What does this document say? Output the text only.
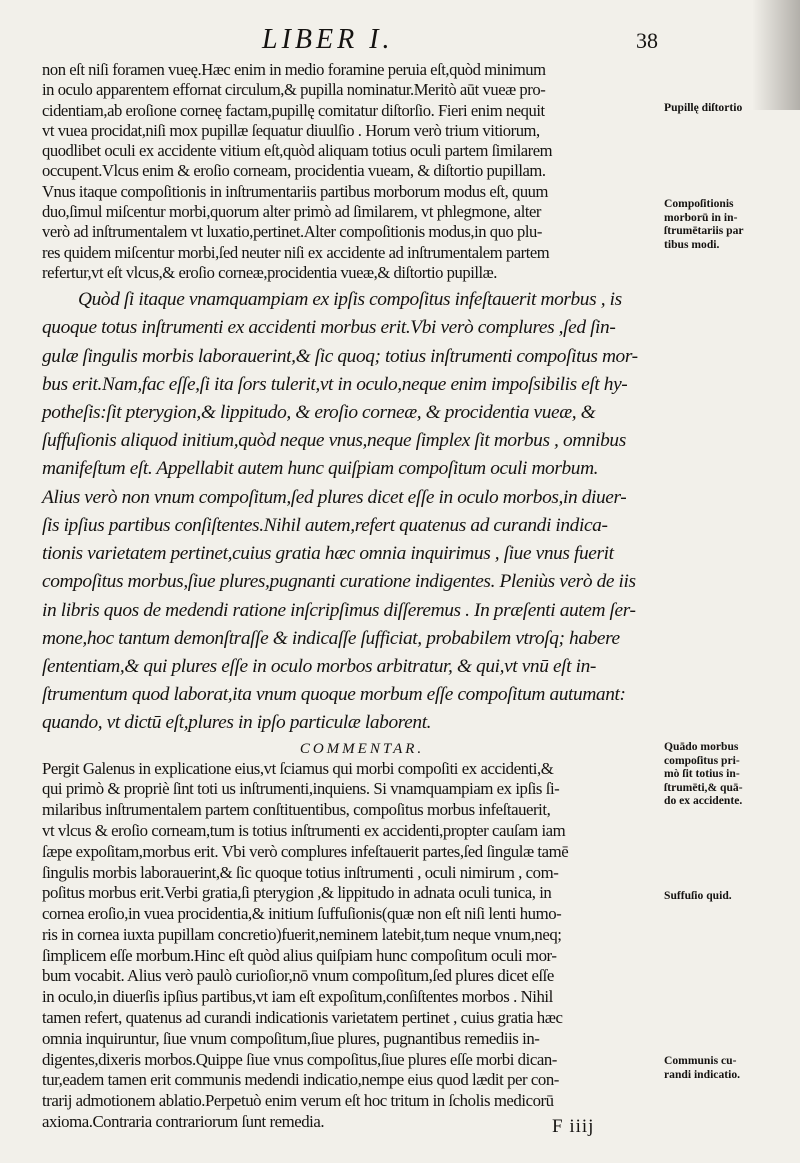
LIBER I.	38
non eſt niſi foramen vueę.Hæc enim in medio foramine peruia eſt,quòd minimum
in oculo apparentem effornat circulum,& pupilla nominatur.Meritò aūt vueæ pro-
cidentiam,ab eroſione corneę factam,pupillę comitatur diſtorſio. Fieri enim nequit
vt vuea procidat,niſi mox pupillæ ſequatur diuulſio . Horum verò trium vitiorum,
quodlibet oculi ex accidente vitium eſt,quòd aliquam totius oculi partem ſimilarem
occupent.Vlcus enim & eroſio corneam, procidentia vueam, & diſtortio pupillam.
Vnus itaque compoſitionis in inſtrumentariis partibus morborum modus eſt, quum
duo,ſimul miſcentur morbi,quorum alter primò ad ſimilarem, vt phlegmone, alter
verò ad inſtrumentalem vt luxatio,pertinet.Alter compoſitionis modus,in quo plu-
res quidem miſcentur morbi,ſed neuter niſi ex accidente ad inſtrumentalem partem
refertur,vt eſt vlcus,& eroſio corneæ,procidentia vueæ,& diſtortio pupillæ.
Quòd ſi itaque vnamquampiam ex ipſis compoſitus infeſtauerit morbus , is
quoque totus inſtrumenti ex accidenti morbus erit.Vbi verò complures ,ſed ſin-
gulæ ſingulis morbis laborauerint,& ſic quoq; totius inſtrumenti compoſitus mor-
bus erit.Nam,fac eſſe,ſi ita ſors tulerit,vt in oculo,neque enim impoſsibilis eſt hy-
potheſis:ſit pterygion,& lippitudo, & eroſio corneæ, & procidentia vueæ, &
ſuffuſionis aliquod initium,quòd neque vnus,neque ſimplex ſit morbus , omnibus
manifeſtum eſt. Appellabit autem hunc quiſpiam compoſitum oculi morbum.
Alius verò non vnum compoſitum,ſed plures dicet eſſe in oculo morbos,in diuer-
ſis ipſius partibus conſiſtentes.Nihil autem,refert quatenus ad curandi indica-
tionis varietatem pertinet,cuius gratia hæc omnia inquirimus , ſiue vnus fuerit
compoſitus morbus,ſiue plures,pugnanti curatione indigentes. Pleniùs verò de iis
in libris quos de medendi ratione inſcripſimus diſſeremus . In præſenti autem ſer-
mone,hoc tantum demonſtraſſe & indicaſſe ſufficiat, probabilem vtroſq; habere
ſententiam,& qui plures eſſe in oculo morbos arbitratur, & qui,vt vnū eſt in-
ſtrumentum quod laborat,ita vnum quoque morbum eſſe compoſitum autumant:
quando, vt dictū eſt,plures in ipſo particulæ laborent.
COMMENTAR.
Pergit Galenus in explicatione eius,vt ſciamus qui morbi compoſiti ex accidenti,&
qui primò & propriè ſint toti us inſtrumenti,inquiens. Si vnamquampiam ex ipſis ſi-
milaribus inſtrumentalem partem conſtituentibus, compoſitus morbus infeſtauerit,
vt vlcus & eroſio corneam,tum is totius inſtrumenti ex accidenti,propter cauſam iam
ſæpe expoſitam,morbus erit. Vbi verò complures infeſtauerit partes,ſed ſingulæ tamē
ſingulis morbis laborauerint,& ſic quoque totius inſtrumenti , oculi nimirum , com-
poſitus morbus erit.Verbi gratia,ſi pterygion ,& lippitudo in adnata oculi tunica, in
cornea eroſio,in vuea procidentia,& initium ſuffuſionis(quæ non eſt niſi lenti humo-
ris in cornea iuxta pupillam concretio)fuerit,neminem latebit,tum neque vnum,neq;
ſimplicem eſſe morbum.Hinc eſt quòd alius quiſpiam hunc compoſitum oculi mor-
bum vocabit. Alius verò paulò curioſior,nō vnum compoſitum,ſed plures dicet eſſe
in oculo,in diuerſis ipſius partibus,vt iam eſt expoſitum,conſiſtentes morbos . Nihil
tamen refert, quatenus ad curandi indicationis varietatem pertinet , cuius gratia hæc
omnia inquiruntur, ſiue vnum compoſitum,ſiue plures, pugnantibus remediis in-
digentes,dixeris morbos.Quippe ſiue vnus compoſitus,ſiue plures eſſe morbi dican-
tur,eadem tamen erit communis medendi indicatio,nempe eius quod lædit per con-
trarij admotionem ablatio.Perpetuò enim verum eſt hoc tritum in ſcholis medicorū
axioma.Contraria contrariorum ſunt remedia.
Pupillę diſtortio
Compoſitionis
morborū in in-
ſtrumētariis par
tibus modi.
Quādo morbus
compoſitus pri-
mò ſit totius in-
ſtrumēti,& quā-
do ex accidente.
Suffuſio quid.
Communis cu-
randi indicatio.
F iiij
